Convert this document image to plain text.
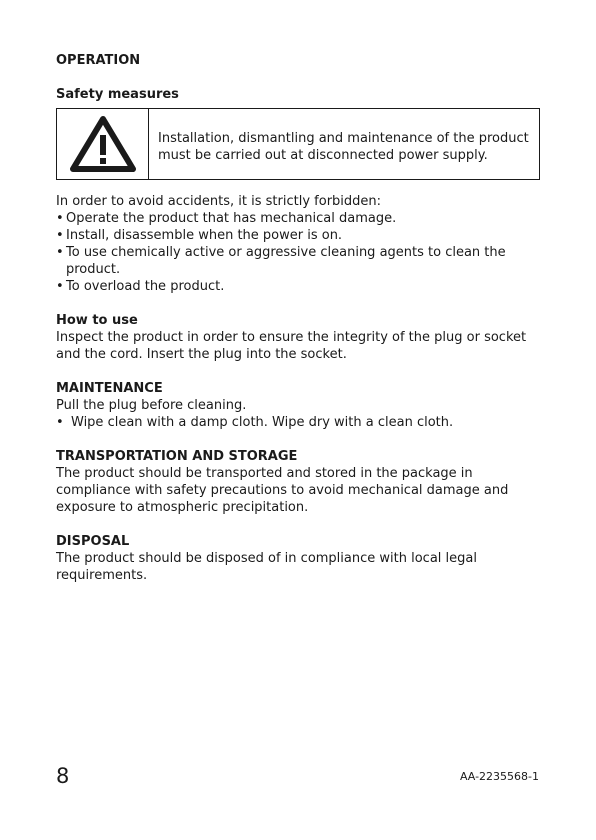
OPERATION
Safety measures
Installation, dismantling and maintenance of the product must be carried out at disconnected power supply.
In order to avoid accidents, it is strictly forbidden:
• Operate the product that has mechanical damage.
• Install, disassemble when the power is on.
• To use chemically active or aggressive cleaning agents to clean the product.
• To overload the product.
How to use
Inspect the product in order to ensure the integrity of the plug or socket and the cord. Insert the plug into the socket.
MAINTENANCE
Pull the plug before cleaning.
• Wipe clean with a damp cloth. Wipe dry with a clean cloth.
TRANSPORTATION AND STORAGE
The product should be transported and stored in the package in compliance with safety precautions to avoid mechanical damage and exposure to atmospheric precipitation.
DISPOSAL
The product should be disposed of in compliance with local legal requirements.
8	AA-2235568-1
